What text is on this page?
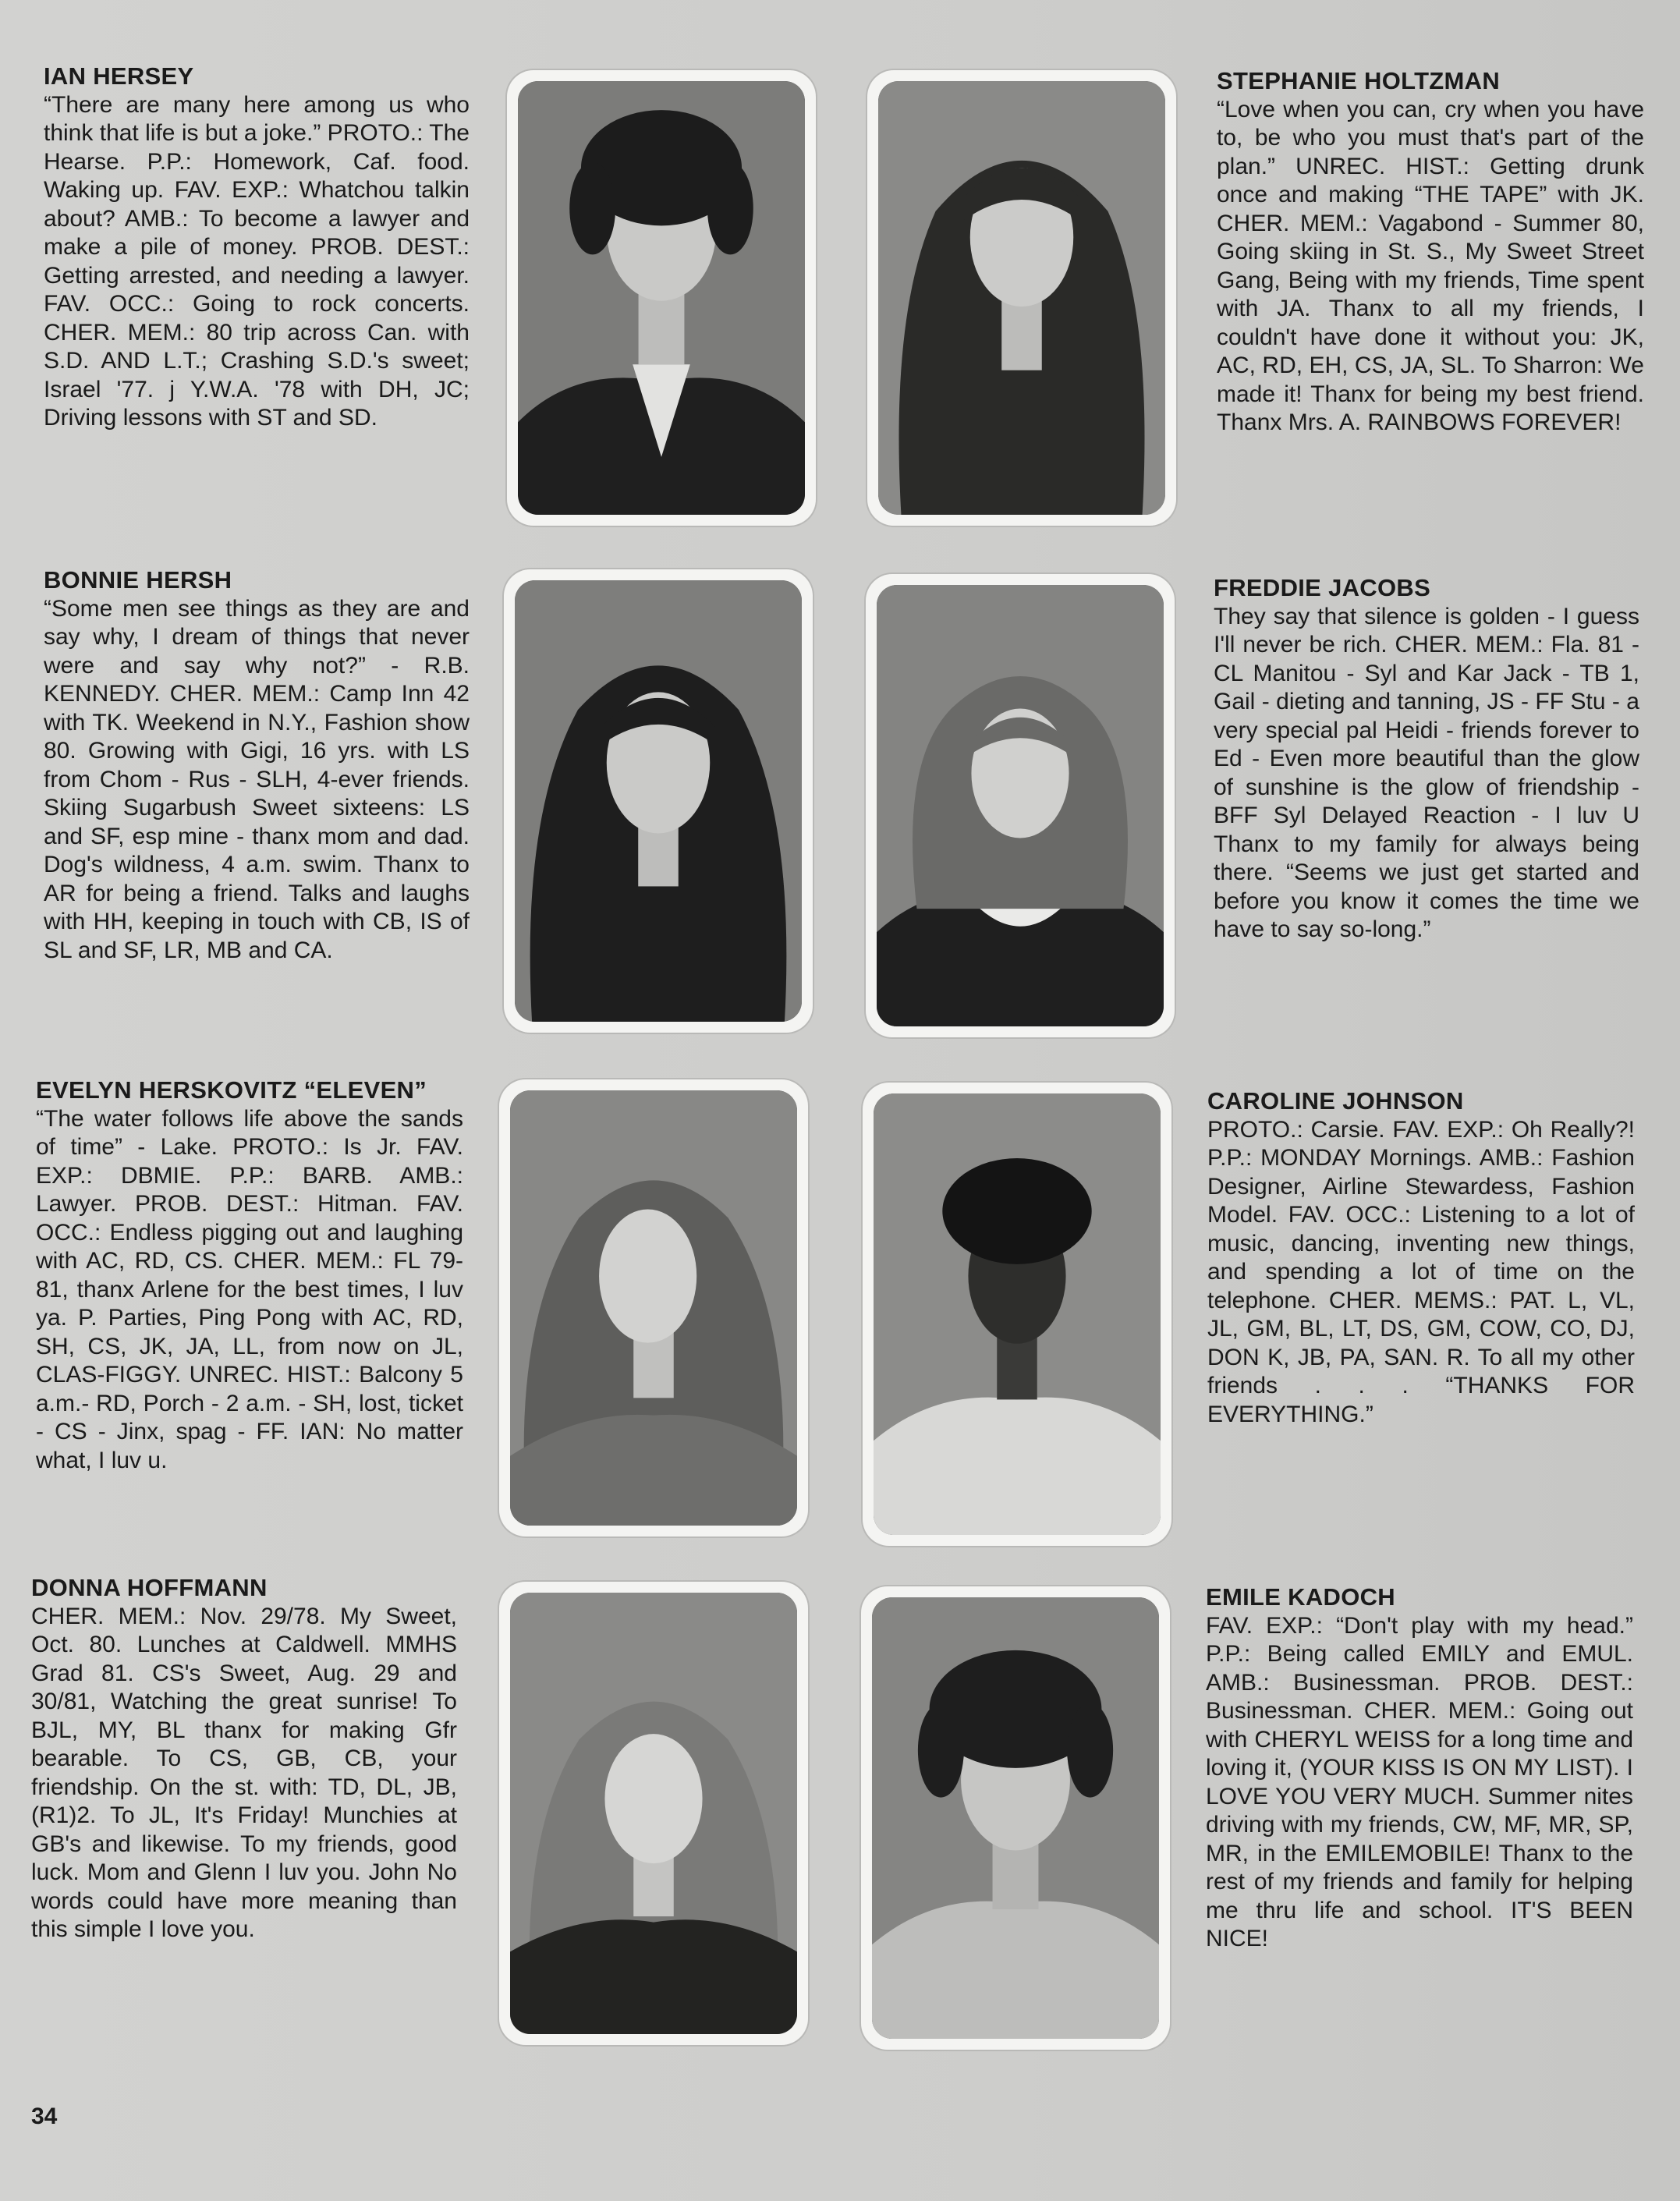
IAN HERSEY
“There are many here among us who think that life is but a joke.” PROTO.: The Hearse. P.P.: Homework, Caf. food. Waking up. FAV. EXP.: Whatchou talkin about? AMB.: To become a lawyer and make a pile of money. PROB. DEST.: Getting arrested, and needing a lawyer. FAV. OCC.: Going to rock concerts. CHER. MEM.: 80 trip across Can. with S.D. AND L.T.; Crashing S.D.'s sweet; Israel '77. j Y.W.A. '78 with DH, JC; Driving lessons with ST and SD.
BONNIE HERSH
“Some men see things as they are and say why, I dream of things that never were and say why not?” - R.B. KENNEDY. CHER. MEM.: Camp Inn 42 with TK. Weekend in N.Y., Fashion show 80. Growing with Gigi, 16 yrs. with LS from Chom - Rus - SLH, 4-ever friends. Skiing Sugarbush Sweet sixteens: LS and SF, esp mine - thanx mom and dad. Dog's wildness, 4 a.m. swim. Thanx to AR for being a friend. Talks and laughs with HH, keeping in touch with CB, IS of SL and SF, LR, MB and CA.
EVELYN HERSKOVITZ “ELEVEN”
“The water follows life above the sands of time” - Lake. PROTO.: Is Jr. FAV. EXP.: DBMIE. P.P.: BARB. AMB.: Lawyer. PROB. DEST.: Hitman. FAV. OCC.: Endless pigging out and laughing with AC, RD, CS. CHER. MEM.: FL 79-81, thanx Arlene for the best times, I luv ya. P. Parties, Ping Pong with AC, RD, SH, CS, JK, JA, LL, from now on JL, CLAS-FIGGY. UNREC. HIST.: Balcony 5 a.m.- RD, Porch - 2 a.m. - SH, lost, ticket - CS - Jinx, spag - FF. IAN: No matter what, I luv u.
DONNA HOFFMANN
CHER. MEM.: Nov. 29/78. My Sweet, Oct. 80. Lunches at Caldwell. MMHS Grad 81. CS's Sweet, Aug. 29 and 30/81, Watching the great sunrise! To BJL, MY, BL thanx for making Gfr bearable. To CS, GB, CB, your friendship. On the st. with: TD, DL, JB, (R1)2. To JL, It's Friday! Munchies at GB's and likewise. To my friends, good luck. Mom and Glenn I luv you. John No words could have more meaning than this simple I love you.
STEPHANIE HOLTZMAN
“Love when you can, cry when you have to, be who you must that's part of the plan.” UNREC. HIST.: Getting drunk once and making “THE TAPE” with JK. CHER. MEM.: Vagabond - Summer 80, Going skiing in St. S., My Sweet Street Gang, Being with my friends, Time spent with JA. Thanx to all my friends, I couldn't have done it without you: JK, AC, RD, EH, CS, JA, SL. To Sharron: We made it! Thanx for being my best friend. Thanx Mrs. A. RAINBOWS FOREVER!
FREDDIE JACOBS
They say that silence is golden - I guess I'll never be rich. CHER. MEM.: Fla. 81 - CL Manitou - Syl and Kar Jack - TB 1, Gail - dieting and tanning, JS - FF Stu - a very special pal Heidi - friends forever to Ed - Even more beautiful than the glow of sunshine is the glow of friendship - BFF Syl Delayed Reaction - I luv U Thanx to my family for always being there. “Seems we just get started and before you know it comes the time we have to say so-long.”
CAROLINE JOHNSON
PROTO.: Carsie. FAV. EXP.: Oh Really?! P.P.: MONDAY Mornings. AMB.: Fashion Designer, Airline Stewardess, Fashion Model. FAV. OCC.: Listening to a lot of music, dancing, inventing new things, and spending a lot of time on the telephone. CHER. MEMS.: PAT. L, VL, JL, GM, BL, LT, DS, GM, COW, CO, DJ, DON K, JB, PA, SAN. R. To all my other friends . . . “THANKS FOR EVERYTHING.”
EMILE KADOCH
FAV. EXP.: “Don't play with my head.” P.P.: Being called EMILY and EMUL. AMB.: Businessman. PROB. DEST.: Businessman. CHER. MEM.: Going out with CHERYL WEISS for a long time and loving it, (YOUR KISS IS ON MY LIST). I LOVE YOU VERY MUCH. Summer nites driving with my friends, CW, MF, MR, SP, MR, in the EMILEMOBILE! Thanx to the rest of my friends and family for helping me thru life and school. IT'S BEEN NICE!
34
